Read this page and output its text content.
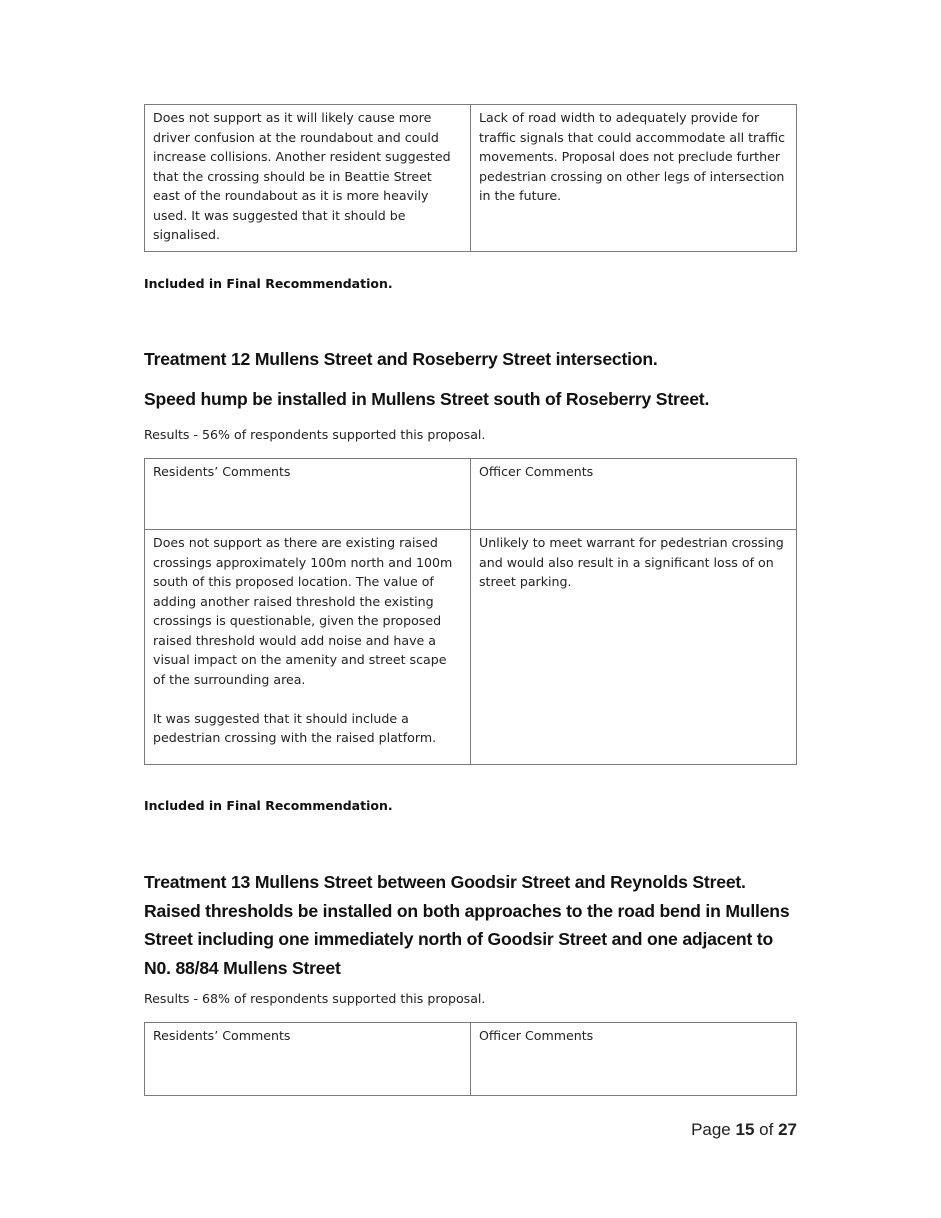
Does not support as it will likely cause more driver confusion at the roundabout and could increase collisions. Another resident suggested that the crossing should be in Beattie Street east of the roundabout as it is more heavily used. It was suggested that it should be signalised.	Lack of road width to adequately provide for traffic signals that could accommodate all traffic movements. Proposal does not preclude further pedestrian crossing on other legs of intersection in the future.
Included in Final Recommendation.
Treatment 12 Mullens Street and Roseberry Street intersection.
Speed hump be installed in Mullens Street south of Roseberry Street.
Results - 56% of respondents supported this proposal.
Residents’ Comments	Officer Comments

Does not support as there are existing raised crossings approximately 100m north and 100m south of this proposed location. The value of adding another raised threshold the existing crossings is questionable, given the proposed raised threshold would add noise and have a visual impact on the amenity and street scape of the surrounding area.
It was suggested that it should include a pedestrian crossing with the raised platform.	Unlikely to meet warrant for pedestrian crossing and would also result in a significant loss of on street parking.
Included in Final Recommendation.
Treatment 13 Mullens Street between Goodsir Street and Reynolds Street. Raised thresholds be installed on both approaches to the road bend in Mullens Street including one immediately north of Goodsir Street and one adjacent to N0. 88/84 Mullens Street
Results - 68% of respondents supported this proposal.
Residents’ Comments	Officer Comments
Page 15 of 27
